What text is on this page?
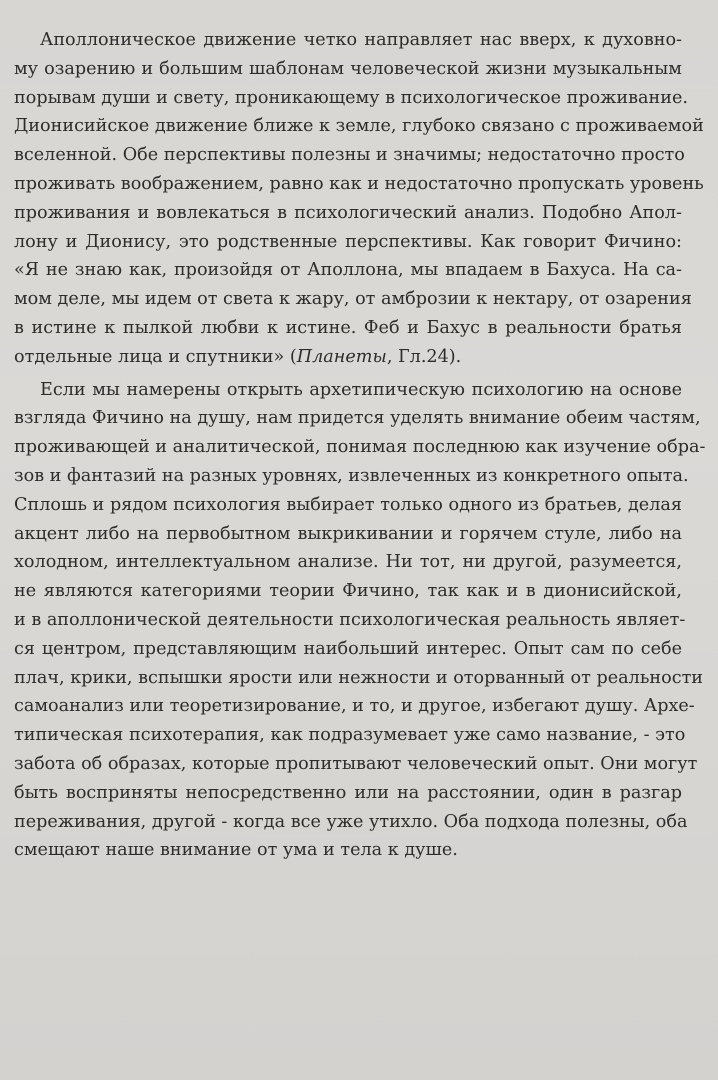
Аполлоническое движение четко направляет нас вверх, к духовно-
му озарению и большим шаблонам человеческой жизни музыкальным
порывам души и свету, проникающему в психологическое проживание.
Дионисийское движение ближе к земле, глубоко связано с проживаемой
вселенной. Обе перспективы полезны и значимы; недостаточно просто
проживать воображением, равно как и недостаточно пропускать уровень
проживания и вовлекаться в психологический анализ. Подобно Апол-
лону и Дионису, это родственные перспективы. Как говорит Фичино:
«Я не знаю как, произойдя от Аполлона, мы впадаем в Бахуса. На са-
мом деле, мы идем от света к жару, от амброзии к нектару, от озарения
в истине к пылкой любви к истине. Феб и Бахус в реальности братья
отдельные лица и спутники» (Планеты, Гл.24).
Если мы намерены открыть архетипическую психологию на основе
взгляда Фичино на душу, нам придется уделять внимание обеим частям,
проживающей и аналитической, понимая последнюю как изучение обра-
зов и фантазий на разных уровнях, извлеченных из конкретного опыта.
Сплошь и рядом психология выбирает только одного из братьев, делая
акцент либо на первобытном выкрикивании и горячем стуле, либо на
холодном, интеллектуальном анализе. Ни тот, ни другой, разумеется,
не являются категориями теории Фичино, так как и в дионисийской,
и в аполлонической деятельности психологическая реальность являет-
ся центром, представляющим наибольший интерес. Опыт сам по себе
плач, крики, вспышки ярости или нежности и оторванный от реальности
самоанализ или теоретизирование, и то, и другое, избегают душу. Архе-
типическая психотерапия, как подразумевает уже само название, - это
забота об образах, которые пропитывают человеческий опыт. Они могут
быть восприняты непосредственно или на расстоянии, один в разгар
переживания, другой - когда все уже утихло. Оба подхода полезны, оба
смещают наше внимание от ума и тела к душе.
